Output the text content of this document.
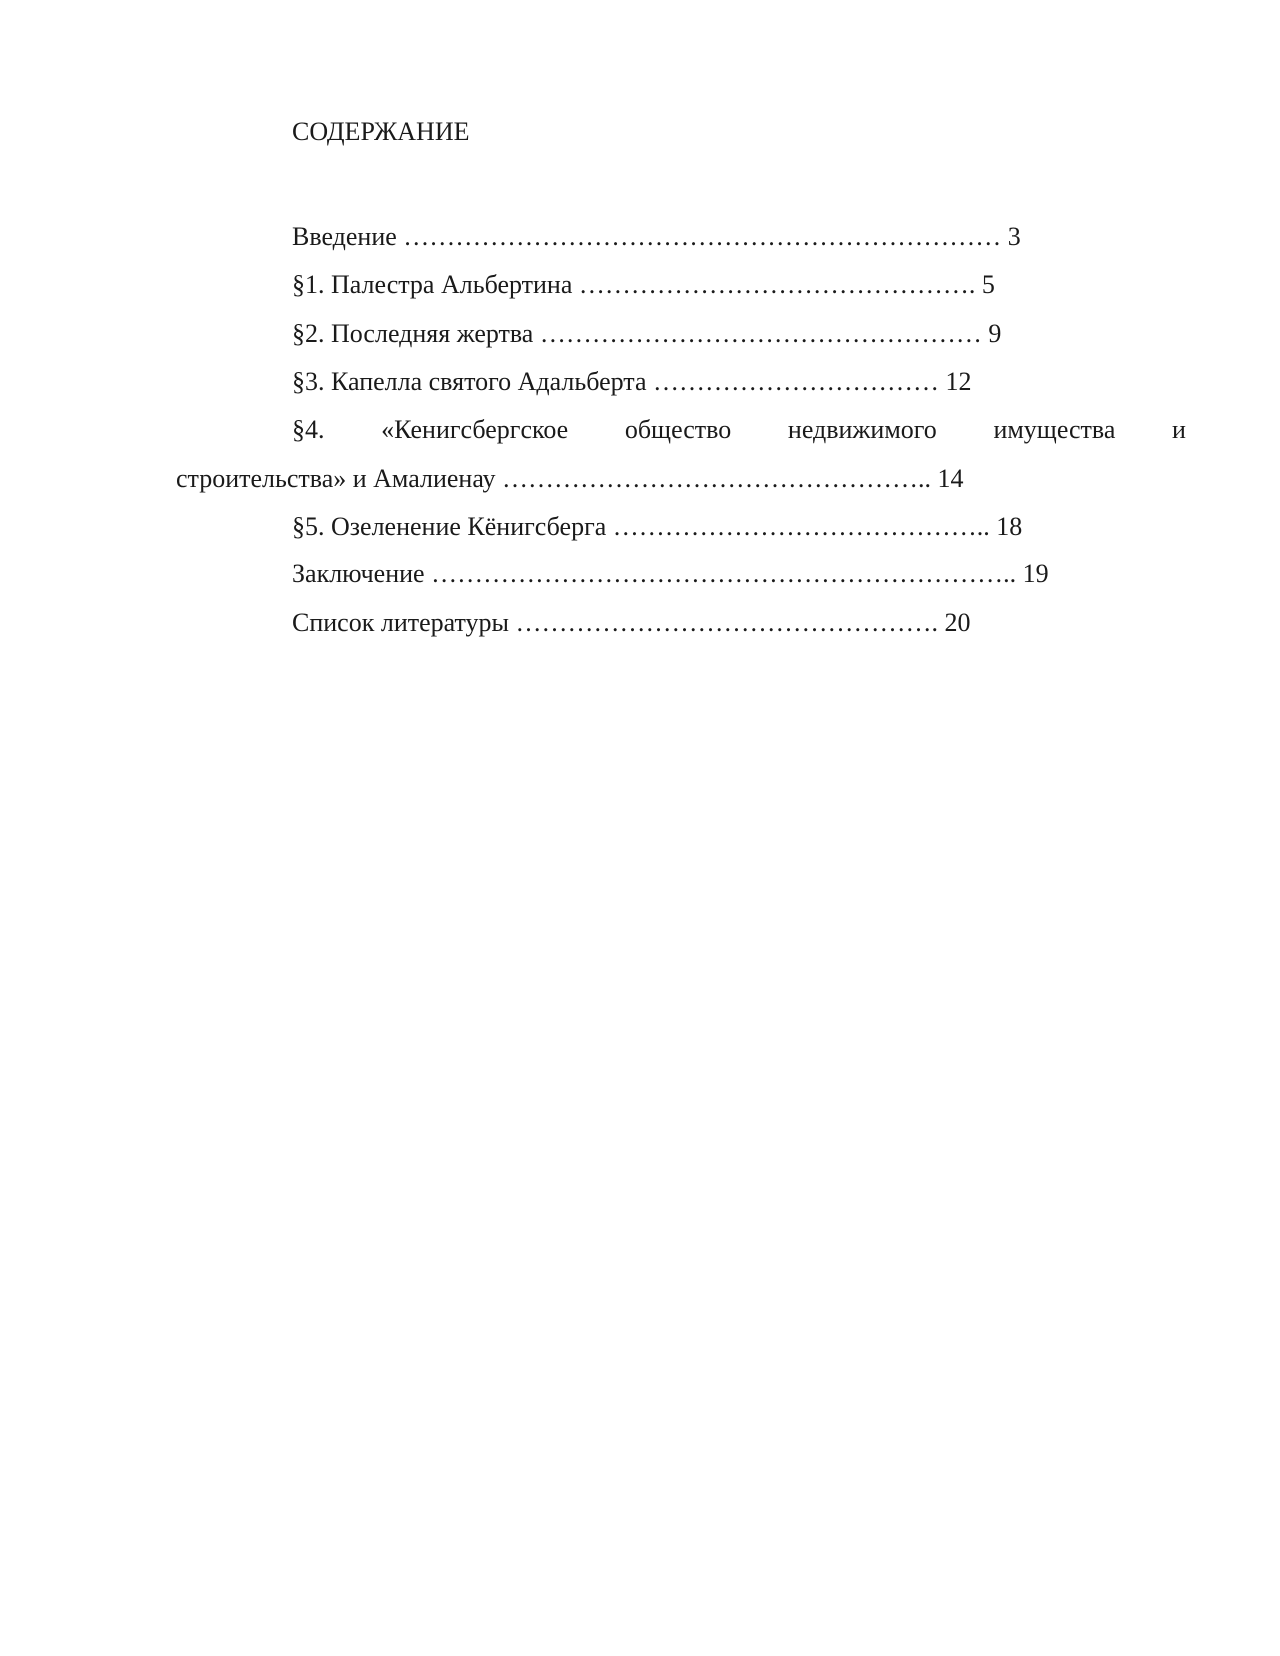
СОДЕРЖАНИЕ
Введение …………………………………………………………… 3
§1. Палестра Альбертина ………………………………………. 5
§2. Последняя жертва …………………………………………… 9
§3. Капелла святого Адальберта …………………………… 12
§4. «Кенигсбергское общество недвижимого имущества и
строительства» и Амалиенау ………………………………………….. 14
§5. Озеленение Кёнигсберга …………………………………….. 18
Заключение ………………………………………………………….. 19
Список литературы …………………………………………. 20
